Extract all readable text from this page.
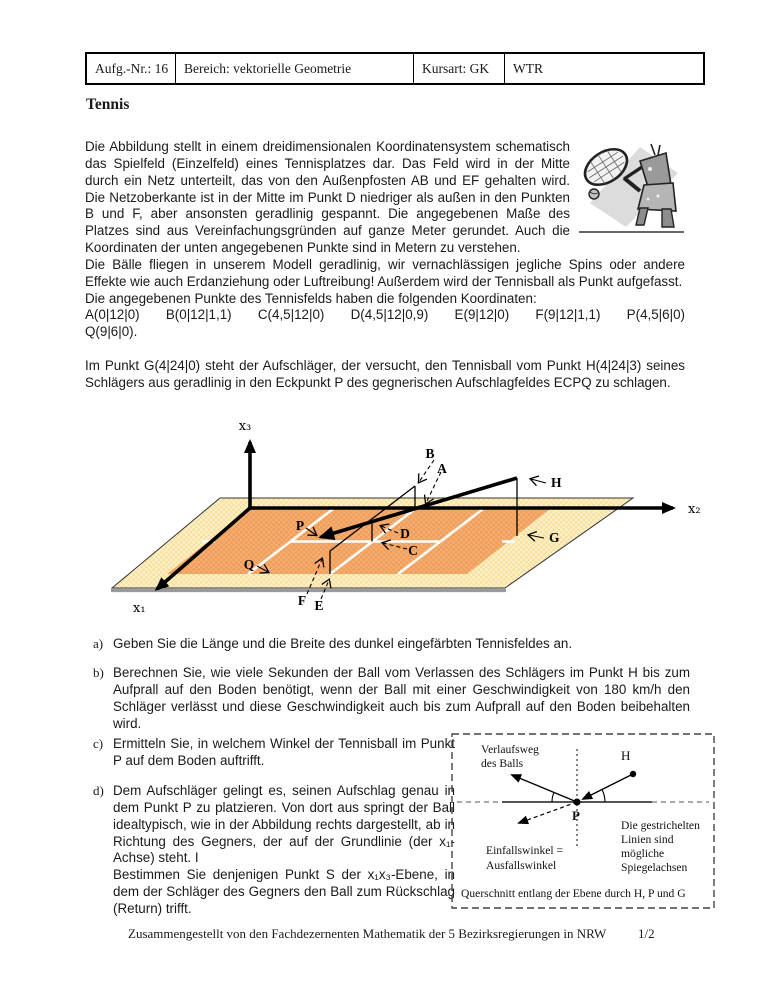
Aufg.-Nr.: 16	Bereich: vektorielle Geometrie	Kursart: GK	WTR
Tennis

Die Abbildung stellt in einem dreidimensionalen Koordinatensystem schematisch das Spielfeld (Einzelfeld) eines Tennisplatzes dar. Das Feld wird in der Mitte durch ein Netz unterteilt, das von den Außenpfosten AB und EF gehalten wird. Die Netzoberkante ist in der Mitte im Punkt D niedriger als außen in den Punkten B und F, aber ansonsten geradlinig gespannt. Die angegebenen Maße des Platzes sind aus Vereinfachungsgründen auf ganze Meter gerundet. Auch die Koordinaten der unten angegebenen Punkte sind in Metern zu verstehen.

Die Bälle fliegen in unserem Modell geradlinig, wir vernachlässigen jegliche Spins oder andere Effekte wie auch Erdanziehung oder Luftreibung! Außerdem wird der Tennisball als Punkt aufgefasst.

Die angegebenen Punkte des Tennisfelds haben die folgenden Koordinaten:

A(0|12|0) B(0|12|1,1) C(4,5|12|0) D(4,5|12|0,9) E(9|12|0) F(9|12|1,1) P(4,5|6|0)
Q(9|6|0).

Im Punkt G(4|24|0) steht der Aufschläger, der versucht, den Tennisball vom Punkt H(4|24|3) seines Schlägers aus geradlinig in den Eckpunkt P des gegnerischen Aufschlagfeldes ECPQ zu schlagen.

x₃
x₂
x₁
B
A
H
G
D
C
F E
P
Q
a) Geben Sie die Länge und die Breite des dunkel eingefärbten Tennisfeldes an.
b) Berechnen Sie, wie viele Sekunden der Ball vom Verlassen des Schlägers im Punkt H bis zum Aufprall auf den Boden benötigt, wenn der Ball mit einer Geschwindigkeit von 180 km/h den Schläger verlässt und diese Geschwindigkeit auch bis zum Aufprall auf den Boden beibehalten wird.
c) Ermitteln Sie, in welchem Winkel der Tennisball im Punkt P auf dem Boden auftrifft.
d) Dem Aufschläger gelingt es, seinen Aufschlag genau in dem Punkt P zu platzieren. Von dort aus springt der Ball idealtypisch, wie in der Abbildung rechts dargestellt, ab in Richtung des Gegners, der auf der Grundlinie (der x₁-Achse) steht. I
Bestimmen Sie denjenigen Punkt S der x₁x₃-Ebene, in dem der Schläger des Gegners den Ball zum Rückschlag (Return) trifft.
Verlaufsweg
des Balls
H
P
Die gestrichelten
Linien sind
mögliche
Spiegelachsen
Einfallswinkel =
Ausfallswinkel
Querschnitt entlang der Ebene durch H, P und G
Zusammengestellt von den Fachdezernenten Mathematik der 5 Bezirksregierungen in NRW 1/2
